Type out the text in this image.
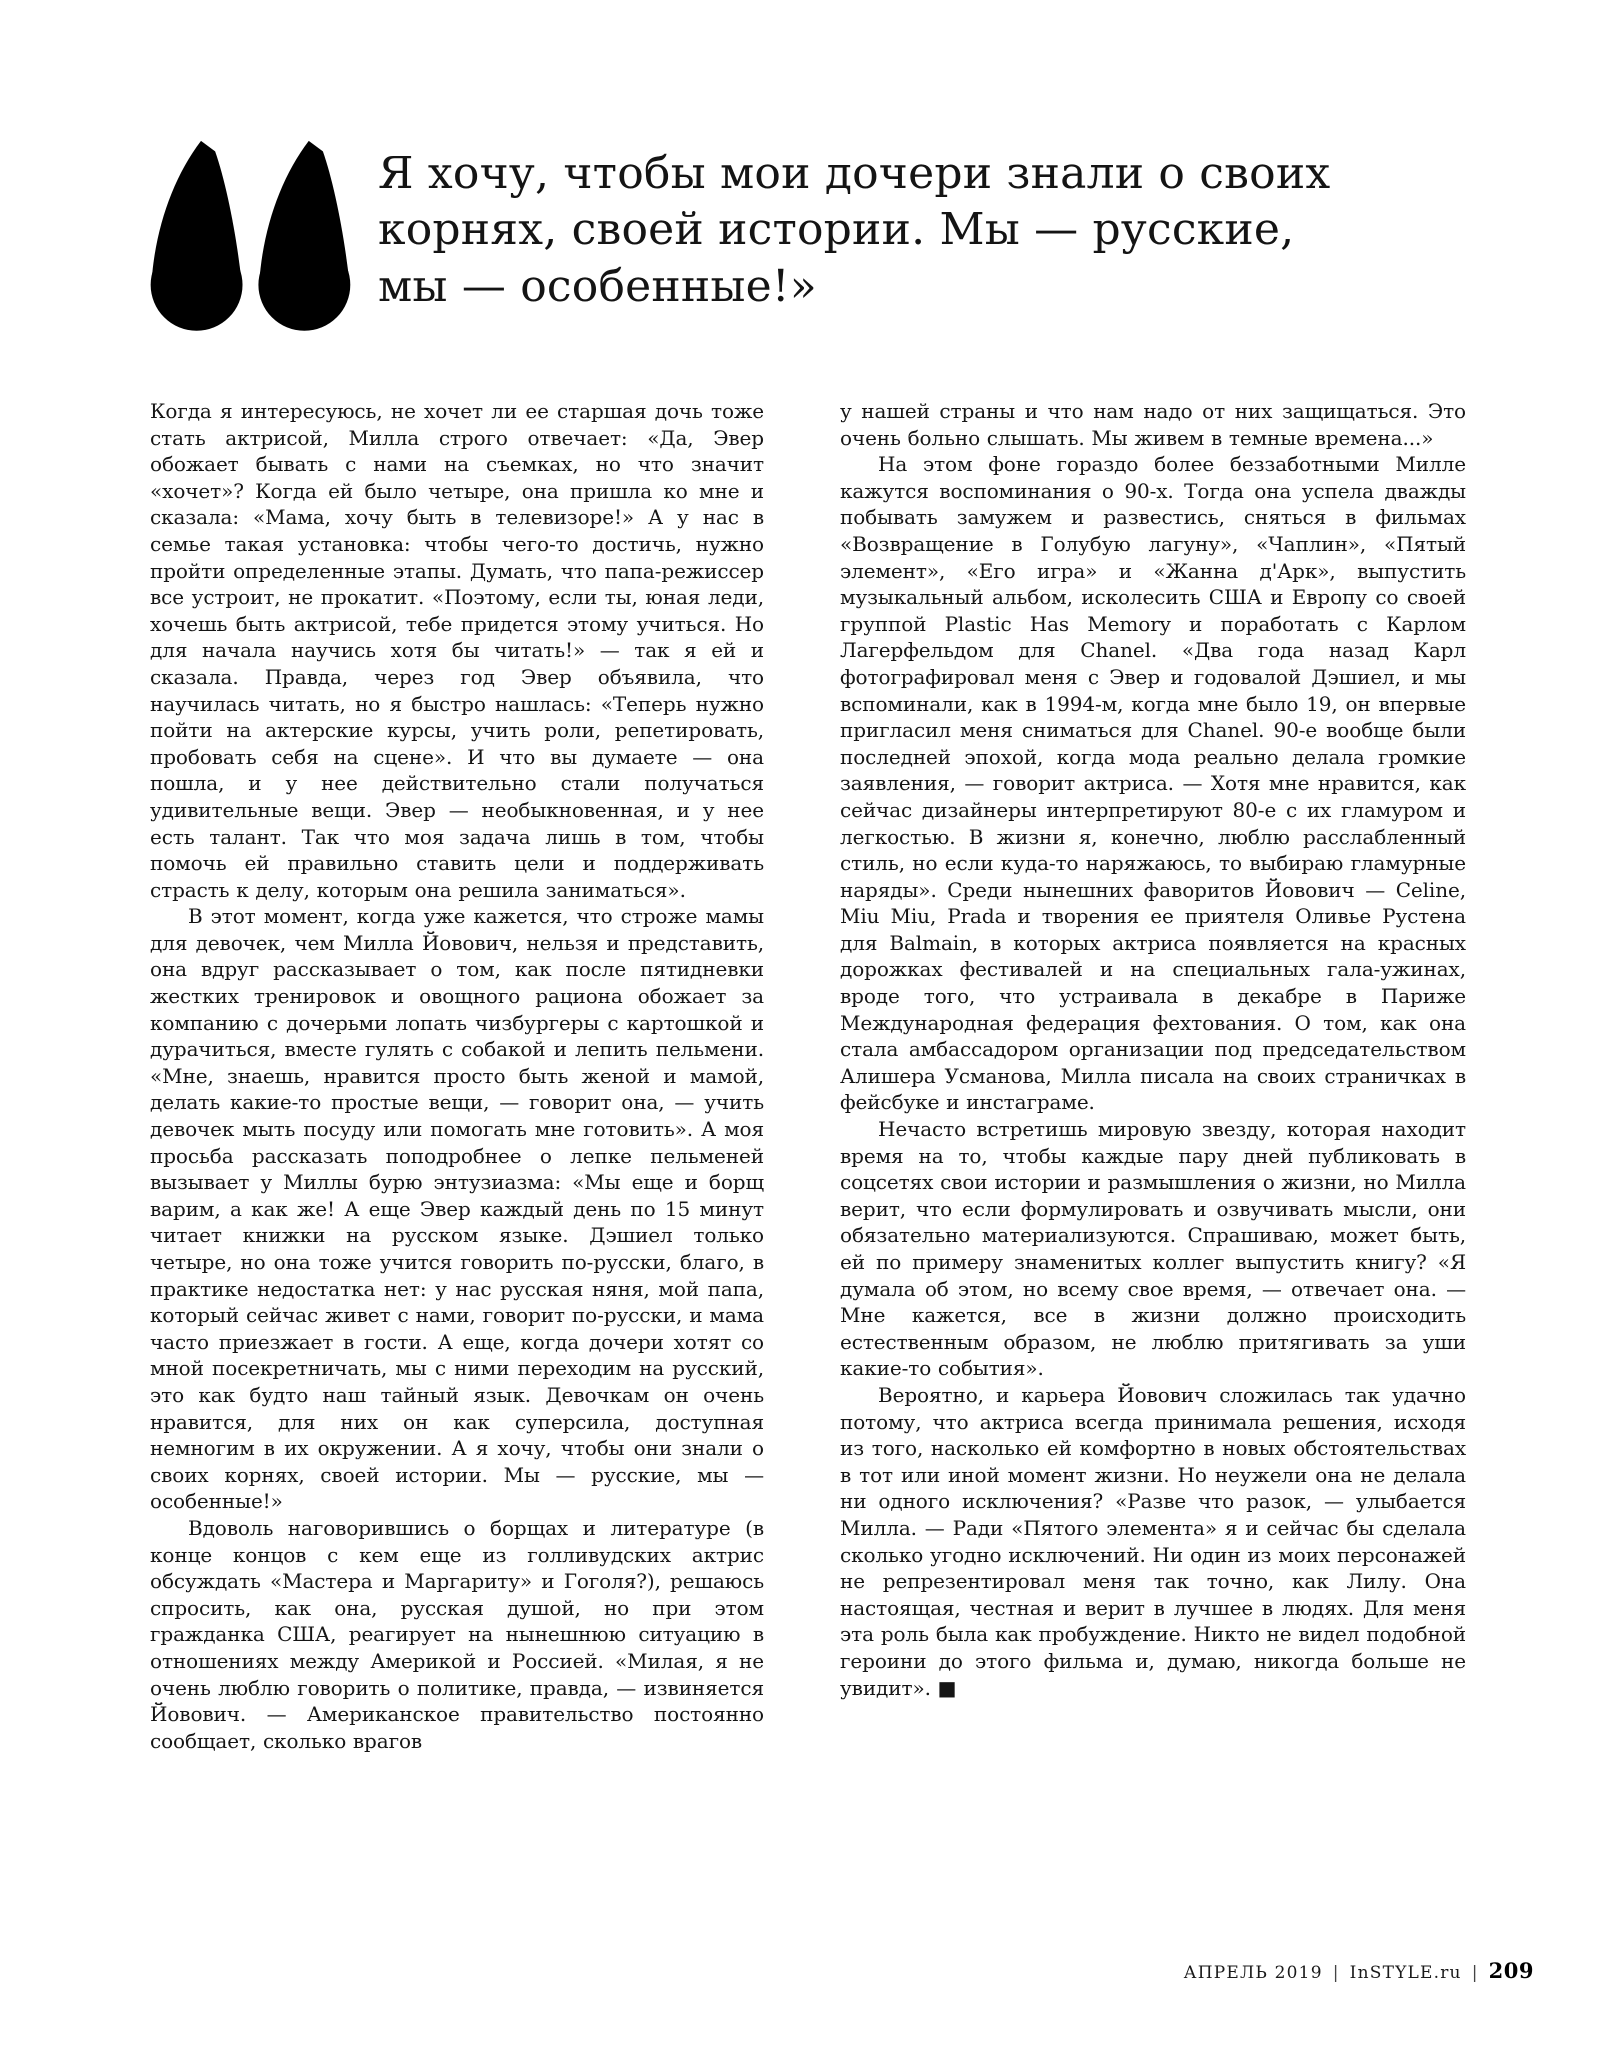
Я хочу, чтобы мои дочери знали о своих
корнях, своей истории. Мы — русские,
мы — особенные!»

Когда я интересуюсь, не хочет ли ее старшая дочь тоже стать актрисой, Милла строго отвечает: «Да, Эвер обожает бывать с нами на съемках, но что значит «хочет»? Когда ей было четыре, она пришла ко мне и сказала: «Мама, хочу быть в телевизоре!» А у нас в семье такая установка: чтобы чего-то достичь, нужно пройти определенные этапы. Думать, что папа-режиссер все устроит, не прокатит. «Поэтому, если ты, юная леди, хочешь быть актрисой, тебе придется этому учиться. Но для начала научись хотя бы читать!» — так я ей и сказала. Правда, через год Эвер объявила, что научилась читать, но я быстро нашлась: «Теперь нужно пойти на актерские курсы, учить роли, репетировать, пробовать себя на сцене». И что вы думаете — она пошла, и у нее действительно стали получаться удивительные вещи. Эвер — необыкновенная, и у нее есть талант. Так что моя задача лишь в том, чтобы помочь ей правильно ставить цели и поддерживать страсть к делу, которым она решила заниматься».

В этот момент, когда уже кажется, что строже мамы для девочек, чем Милла Йовович, нельзя и представить, она вдруг рассказывает о том, как после пятидневки жестких тренировок и овощного рациона обожает за компанию с дочерьми лопать чизбургеры с картошкой и дурачиться, вместе гулять с собакой и лепить пельмени. «Мне, знаешь, нравится просто быть женой и мамой, делать какие-то простые вещи, — говорит она, — учить девочек мыть посуду или помогать мне готовить». А моя просьба рассказать поподробнее о лепке пельменей вызывает у Миллы бурю энтузиазма: «Мы еще и борщ варим, а как же! А еще Эвер каждый день по 15 минут читает книжки на русском языке. Дэшиел только четыре, но она тоже учится говорить по-русски, благо, в практике недостатка нет: у нас русская няня, мой папа, который сейчас живет с нами, говорит по-русски, и мама часто приезжает в гости. А еще, когда дочери хотят со мной посекретничать, мы с ними переходим на русский, это как будто наш тайный язык. Девочкам он очень нравится, для них он как суперсила, доступная немногим в их окружении. А я хочу, чтобы они знали о своих корнях, своей истории. Мы — русские, мы — особенные!»

Вдоволь наговорившись о борщах и литературе (в конце концов с кем еще из голливудских актрис обсуждать «Мастера и Маргариту» и Гоголя?), решаюсь спросить, как она, русская душой, но при этом гражданка США, реагирует на нынешнюю ситуацию в отношениях между Америкой и Россией. «Милая, я не очень люблю говорить о политике, правда, — извиняется Йовович. — Американское правительство постоянно сообщает, сколько врагов

у нашей страны и что нам надо от них защищаться. Это очень больно слышать. Мы живем в темные времена...»

На этом фоне гораздо более беззаботными Милле кажутся воспоминания о 90-х. Тогда она успела дважды побывать замужем и развестись, сняться в фильмах «Возвращение в Голубую лагуну», «Чаплин», «Пятый элемент», «Его игра» и «Жанна д'Арк», выпустить музыкальный альбом, исколесить США и Европу со своей группой Plastic Has Memory и поработать с Карлом Лагерфельдом для Chanel. «Два года назад Карл фотографировал меня с Эвер и годовалой Дэшиел, и мы вспоминали, как в 1994-м, когда мне было 19, он впервые пригласил меня сниматься для Chanel. 90-е вообще были последней эпохой, когда мода реально делала громкие заявления, — говорит актриса. — Хотя мне нравится, как сейчас дизайнеры интерпретируют 80-е с их гламуром и легкостью. В жизни я, конечно, люблю расслабленный стиль, но если куда-то наряжаюсь, то выбираю гламурные наряды». Среди нынешних фаворитов Йовович — Celine, Miu Miu, Prada и творения ее приятеля Оливье Рустена для Balmain, в которых актриса появляется на красных дорожках фестивалей и на специальных гала-ужинах, вроде того, что устраивала в декабре в Париже Международная федерация фехтования. О том, как она стала амбассадором организации под председательством Алишера Усманова, Милла писала на своих страничках в фейсбуке и инстаграме.

Нечасто встретишь мировую звезду, которая находит время на то, чтобы каждые пару дней публиковать в соцсетях свои истории и размышления о жизни, но Милла верит, что если формулировать и озвучивать мысли, они обязательно материализуются. Спрашиваю, может быть, ей по примеру знаменитых коллег выпустить книгу? «Я думала об этом, но всему свое время, — отвечает она. — Мне кажется, все в жизни должно происходить естественным образом, не люблю притягивать за уши какие-то события».

Вероятно, и карьера Йовович сложилась так удачно потому, что актриса всегда принимала решения, исходя из того, насколько ей комфортно в новых обстоятельствах в тот или иной момент жизни. Но неужели она не делала ни одного исключения? «Разве что разок, — улыбается Милла. — Ради «Пятого элемента» я и сейчас бы сделала сколько угодно исключений. Ни один из моих персонажей не репрезентировал меня так точно, как Лилу. Она настоящая, честная и верит в лучшее в людях. Для меня эта роль была как пробуждение. Никто не видел подобной героини до этого фильма и, думаю, никогда больше не увидит». ■

АПРЕЛЬ 2019 | InSTYLE.ru | 209
